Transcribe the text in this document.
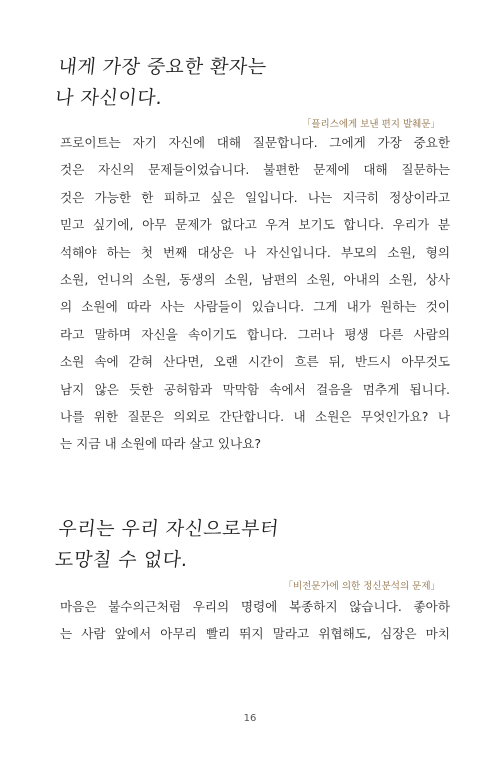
내게 가장 중요한 환자는
나 자신이다.

「플리스에게 보낸 편지 발췌문」

프로이트는 자기 자신에 대해 질문합니다. 그에게 가장 중요한
것은 자신의 문제들이었습니다. 불편한 문제에 대해 질문하는
것은 가능한 한 피하고 싶은 일입니다. 나는 지극히 정상이라고
믿고 싶기에, 아무 문제가 없다고 우겨 보기도 합니다. 우리가 분
석해야 하는 첫 번째 대상은 나 자신입니다. 부모의 소원, 형의
소원, 언니의 소원, 동생의 소원, 남편의 소원, 아내의 소원, 상사
의 소원에 따라 사는 사람들이 있습니다. 그게 내가 원하는 것이
라고 말하며 자신을 속이기도 합니다. 그러나 평생 다른 사람의
소원 속에 갇혀 산다면, 오랜 시간이 흐른 뒤, 반드시 아무것도
남지 않은 듯한 공허함과 막막함 속에서 걸음을 멈추게 됩니다.
나를 위한 질문은 의외로 간단합니다. 내 소원은 무엇인가요? 나
는 지금 내 소원에 따라 살고 있나요?
우리는 우리 자신으로부터
도망칠 수 없다.

「비전문가에 의한 정신분석의 문제」

마음은 불수의근처럼 우리의 명령에 복종하지 않습니다. 좋아하
는 사람 앞에서 아무리 빨리 뛰지 말라고 위협해도, 심장은 마치

16
